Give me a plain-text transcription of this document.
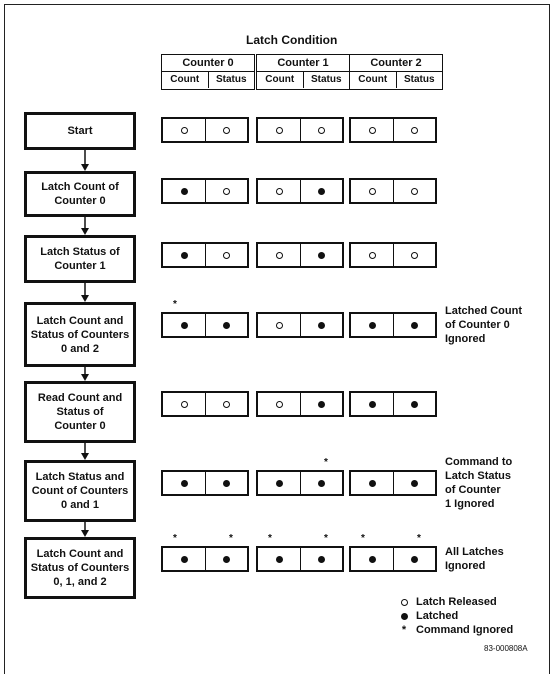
Latch Condition
Counter 0
Count	Status
Counter 1
Count	Status
Counter 2
Count	Status
Start
Latch Count of
Counter 0
Latch Status of
Counter 1
Latch Count and
Status of Counters
0 and 2
*
Latched Count
of Counter 0
Ignored
Read Count and
Status of
Counter 0
Latch Status and
Count of Counters
0 and 1
*	Command to
Latch Status
of Counter
1 Ignored
Latch Count and
Status of Counters
0, 1, and 2
*	*	*	*	*	*
All Latches
Ignored
Latch Released
Latched
* Command Ignored
83-000808A
